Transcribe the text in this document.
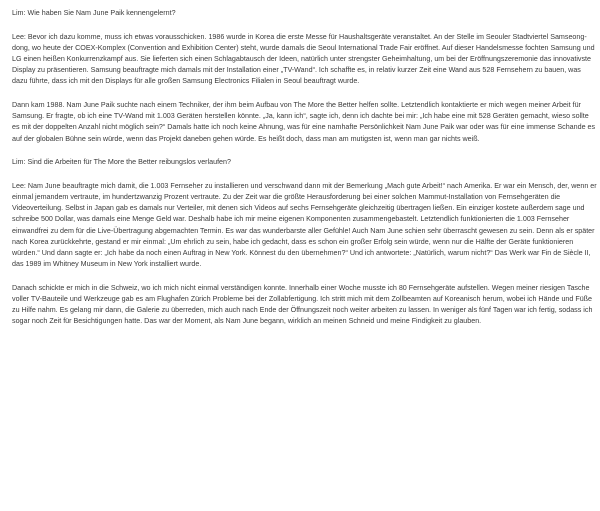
Lim: Wie haben Sie Nam June Paik kennengelernt?

Lee: Bevor ich dazu komme, muss ich etwas vorausschicken. 1986 wurde in Korea die erste Messe für Haushaltsgeräte veranstaltet. An der Stelle im Seouler Stadtviertel Samseong-dong, wo heute der COEX-Komplex (Convention and Exhibition Center) steht, wurde damals die Seoul International Trade Fair eröffnet. Auf dieser Handelsmesse fochten Samsung und LG einen heißen Konkurrenzkampf aus. Sie lieferten sich einen Schlagabtausch der Ideen, natürlich unter strengster Geheimhaltung, um bei der Eröffnungszeremonie das innovativste Display zu präsentieren. Samsung beauftragte mich damals mit der Installation einer „TV-Wand“. Ich schaffte es, in relativ kurzer Zeit eine Wand aus 528 Fernsehern zu bauen, was dazu führte, dass ich mit den Displays für alle großen Samsung Electronics Filialen in Seoul beauftragt wurde.

Dann kam 1988. Nam June Paik suchte nach einem Techniker, der ihm beim Aufbau von The More the Better helfen sollte. Letztendlich kontaktierte er mich wegen meiner Arbeit für Samsung. Er fragte, ob ich eine TV-Wand mit 1.003 Geräten herstellen könnte. „Ja, kann ich“, sagte ich, denn ich dachte bei mir: „Ich habe eine mit 528 Geräten gemacht, wieso sollte es mit der doppelten Anzahl nicht möglich sein?“ Damals hatte ich noch keine Ahnung, was für eine namhafte Persönlichkeit Nam June Paik war oder was für eine immense Schande es auf der globalen Bühne sein würde, wenn das Projekt daneben gehen würde. Es heißt doch, dass man am mutigsten ist, wenn man gar nichts weiß.

Lim: Sind die Arbeiten für The More the Better reibungslos verlaufen?

Lee: Nam June beauftragte mich damit, die 1.003 Fernseher zu installieren und verschwand dann mit der Bemerkung „Mach gute Arbeit!“ nach Amerika. Er war ein Mensch, der, wenn er einmal jemandem vertraute, im hundertzwanzig Prozent vertraute. Zu der Zeit war die größte Herausforderung bei einer solchen Mammut-Installation von Fernsehgeräten die Videoverteilung. Selbst in Japan gab es damals nur Verteiler, mit denen sich Videos auf sechs Fernsehgeräte gleichzeitig übertragen ließen. Ein einziger kostete außerdem sage und schreibe 500 Dollar, was damals eine Menge Geld war. Deshalb habe ich mir meine eigenen Komponenten zusammengebastelt. Letztendlich funktionierten die 1.003 Fernseher einwandfrei zu dem für die Live-Übertragung abgemachten Termin. Es war das wunderbarste aller Gefühle! Auch Nam June schien sehr überrascht gewesen zu sein. Denn als er später nach Korea zurückkehrte, gestand er mir einmal: „Um ehrlich zu sein, habe ich gedacht, dass es schon ein großer Erfolg sein würde, wenn nur die Hälfte der Geräte funktionieren würden.“ Und dann sagte er: „Ich habe da noch einen Auftrag in New York. Könnest du den übernehmen?“ Und ich antwortete: „Natürlich, warum nicht?“ Das Werk war Fin de Siècle II, das 1989 im Whitney Museum in New York installiert wurde.

Danach schickte er mich in die Schweiz, wo ich mich nicht einmal verständigen konnte. Innerhalb einer Woche musste ich 80 Fernsehgeräte aufstellen. Wegen meiner riesigen Tasche voller TV-Bauteile und Werkzeuge gab es am Flughafen Zürich Probleme bei der Zollabfertigung. Ich stritt mich mit dem Zollbeamten auf Koreanisch herum, wobei ich Hände und Füße zu Hilfe nahm. Es gelang mir dann, die Galerie zu überreden, mich auch nach Ende der Öffnungszeit noch weiter arbeiten zu lassen. In weniger als fünf Tagen war ich fertig, sodass ich sogar noch Zeit für Besichtigungen hatte. Das war der Moment, als Nam June begann, wirklich an meinen Schneid und meine Findigkeit zu glauben.
